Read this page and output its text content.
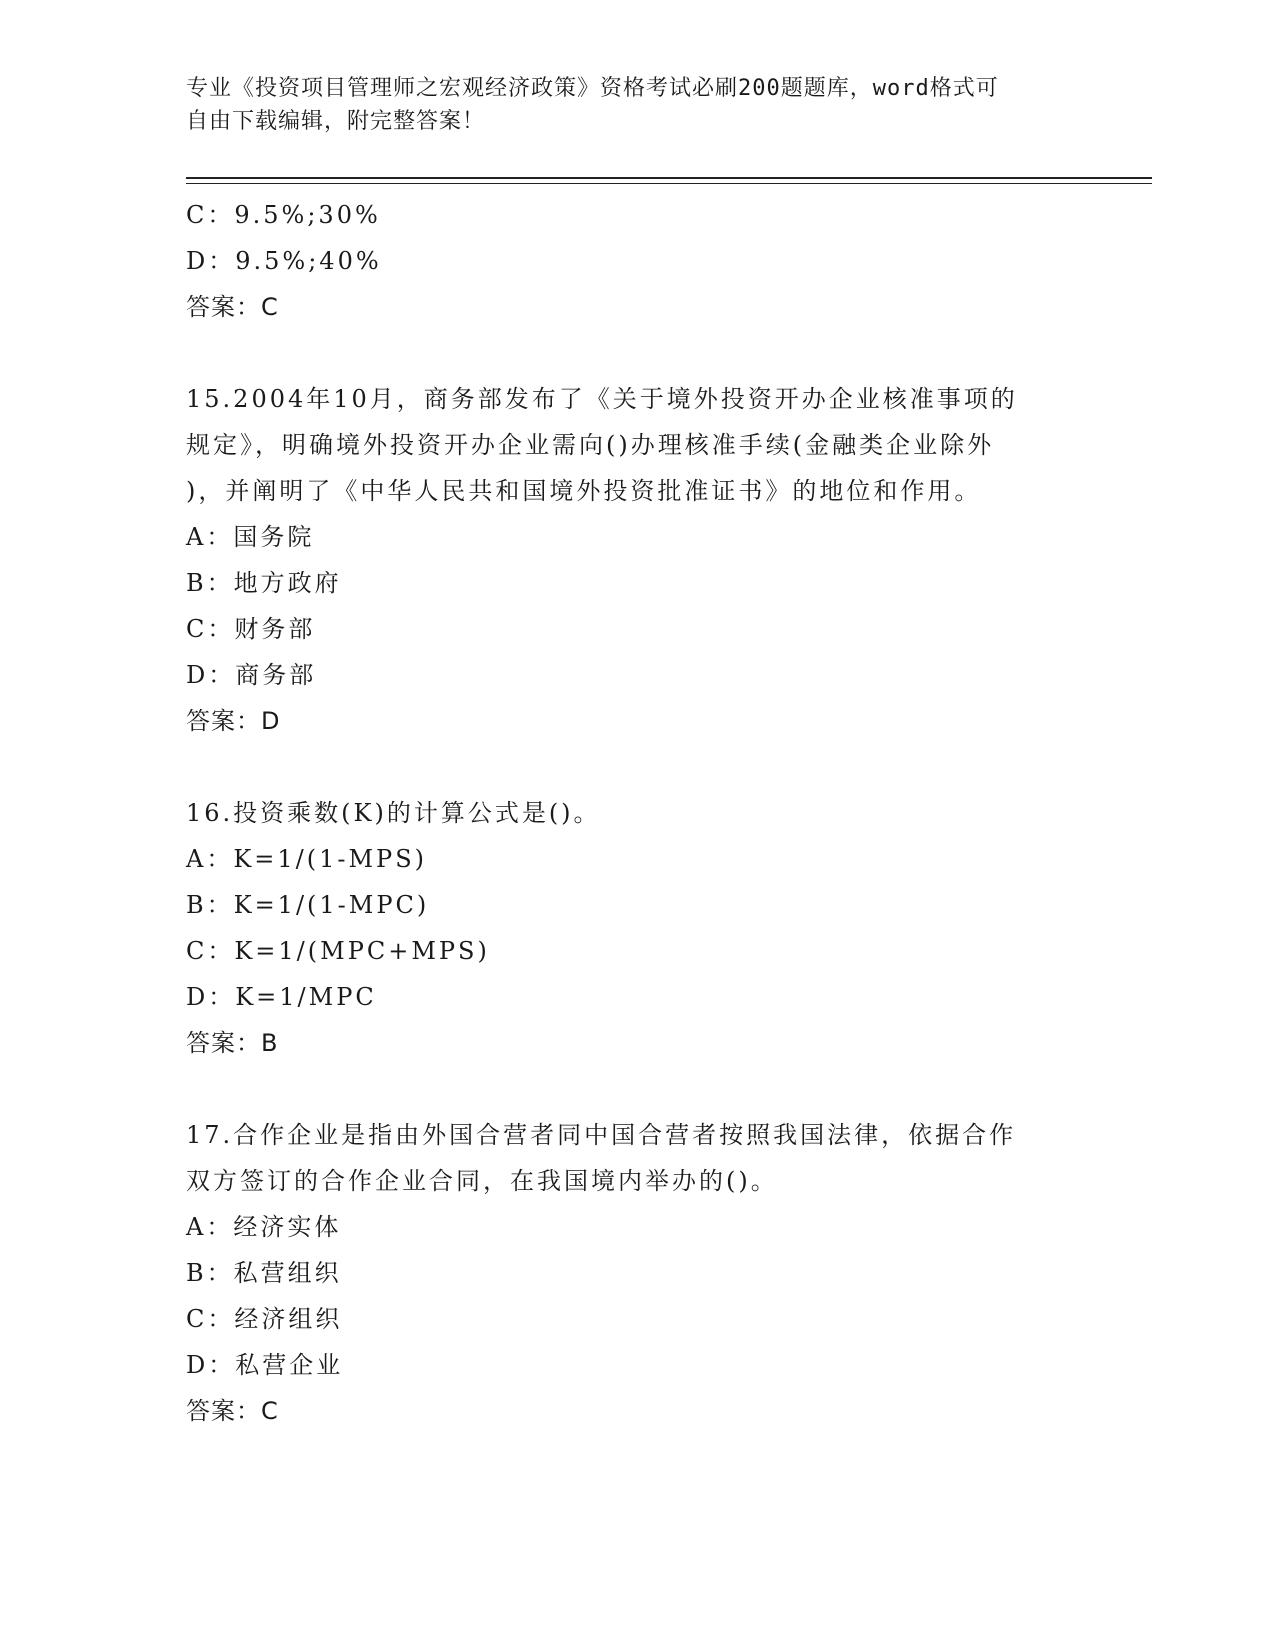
专业《投资项目管理师之宏观经济政策》资格考试必刷200题题库，word格式可
自由下载编辑，附完整答案！
C：9.5%;30%
D：9.5%;40%
答案：C
15.2004年10月，商务部发布了《关于境外投资开办企业核准事项的
规定》，明确境外投资开办企业需向()办理核准手续(金融类企业除外
)，并阐明了《中华人民共和国境外投资批准证书》的地位和作用。
A：国务院
B：地方政府
C：财务部
D：商务部
答案：D
16.投资乘数(K)的计算公式是()。
A：K=1/(1-MPS)
B：K=1/(1-MPC)
C：K=1/(MPC+MPS)
D：K=1/MPC
答案：B
17.合作企业是指由外国合营者同中国合营者按照我国法律，依据合作
双方签订的合作企业合同，在我国境内举办的()。
A：经济实体
B：私营组织
C：经济组织
D：私营企业
答案：C
